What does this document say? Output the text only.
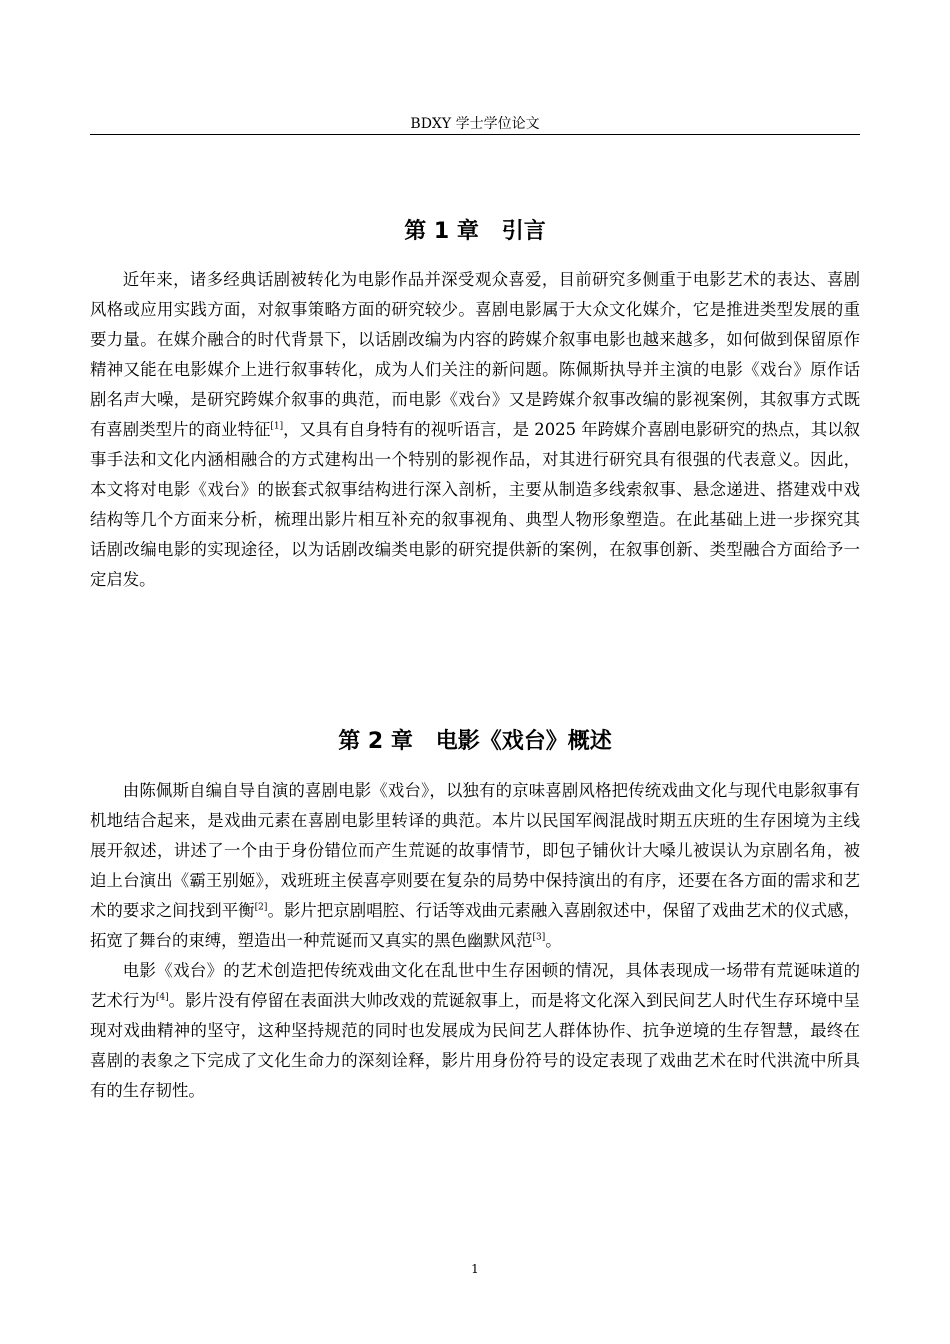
BDXY 学士学位论文
第 1 章   引言

近年来，诸多经典话剧被转化为电影作品并深受观众喜爱，目前研究多侧重于电影艺术的表达、喜剧风格或应用实践方面，对叙事策略方面的研究较少。喜剧电影属于大众文化媒介，它是推进类型发展的重要力量。在媒介融合的时代背景下，以话剧改编为内容的跨媒介叙事电影也越来越多，如何做到保留原作精神又能在电影媒介上进行叙事转化，成为人们关注的新问题。陈佩斯执导并主演的电影《戏台》原作话剧名声大噪，是研究跨媒介叙事的典范，而电影《戏台》又是跨媒介叙事改编的影视案例，其叙事方式既有喜剧类型片的商业特征[1]，又具有自身特有的视听语言，是 2025 年跨媒介喜剧电影研究的热点，其以叙事手法和文化内涵相融合的方式建构出一个特别的影视作品，对其进行研究具有很强的代表意义。因此，本文将对电影《戏台》的嵌套式叙事结构进行深入剖析，主要从制造多线索叙事、悬念递进、搭建戏中戏结构等几个方面来分析，梳理出影片相互补充的叙事视角、典型人物形象塑造。在此基础上进一步探究其话剧改编电影的实现途径，以为话剧改编类电影的研究提供新的案例，在叙事创新、类型融合方面给予一定启发。

第 2 章   电影《戏台》概述

由陈佩斯自编自导自演的喜剧电影《戏台》，以独有的京味喜剧风格把传统戏曲文化与现代电影叙事有机地结合起来，是戏曲元素在喜剧电影里转译的典范。本片以民国军阀混战时期五庆班的生存困境为主线展开叙述，讲述了一个由于身份错位而产生荒诞的故事情节，即包子铺伙计大嗓儿被误认为京剧名角，被迫上台演出《霸王别姬》，戏班班主侯喜亭则要在复杂的局势中保持演出的有序，还要在各方面的需求和艺术的要求之间找到平衡[2]。影片把京剧唱腔、行话等戏曲元素融入喜剧叙述中，保留了戏曲艺术的仪式感，拓宽了舞台的束缚，塑造出一种荒诞而又真实的黑色幽默风范[3]。

电影《戏台》的艺术创造把传统戏曲文化在乱世中生存困顿的情况，具体表现成一场带有荒诞味道的艺术行为[4]。影片没有停留在表面洪大帅改戏的荒诞叙事上，而是将文化深入到民间艺人时代生存环境中呈现对戏曲精神的坚守，这种坚持规范的同时也发展成为民间艺人群体协作、抗争逆境的生存智慧，最终在喜剧的表象之下完成了文化生命力的深刻诠释，影片用身份符号的设定表现了戏曲艺术在时代洪流中所具有的生存韧性。

1
